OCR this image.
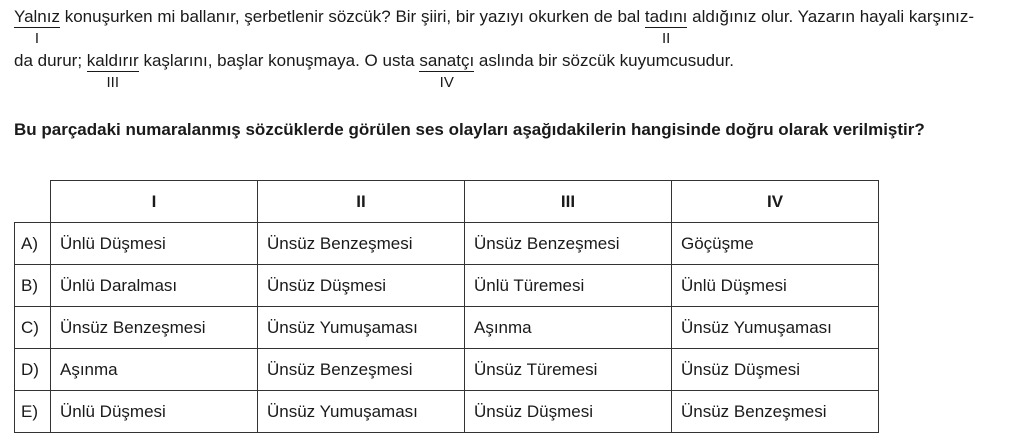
$\frac{Yalnız}{I}$ konuşurken mi ballanır, şerbetlenir sözcük? Bir şiiri, bir yazıyı okurken de bal tadını
II
aldığınız olur. Yazarın hayali karşınız-
da durur; kaldırır
III
kaşlarını, başlar konuşmaya. O usta sanatçı
IV
aslında bir sözcük kuyumcusudur.
Bu parçadaki numaralanmış sözcüklerde görülen ses olayları aşağıdakilerin hangisinde doğru olarak verilmiştir?
	I	II	III	IV
A)	Ünlü Düşmesi	Ünsüz Benzeşmesi	Ünsüz Benzeşmesi	Göçüşme
B)	Ünlü Daralması	Ünsüz Düşmesi	Ünlü Türemesi	Ünlü Düşmesi
C)	Ünsüz Benzeşmesi	Ünsüz Yumuşaması	Aşınma	Ünsüz Yumuşaması
D)	Aşınma	Ünsüz Benzeşmesi	Ünsüz Türemesi	Ünsüz Düşmesi
E)	Ünlü Düşmesi	Ünsüz Yumuşaması	Ünsüz Düşmesi	Ünsüz Benzeşmesi
